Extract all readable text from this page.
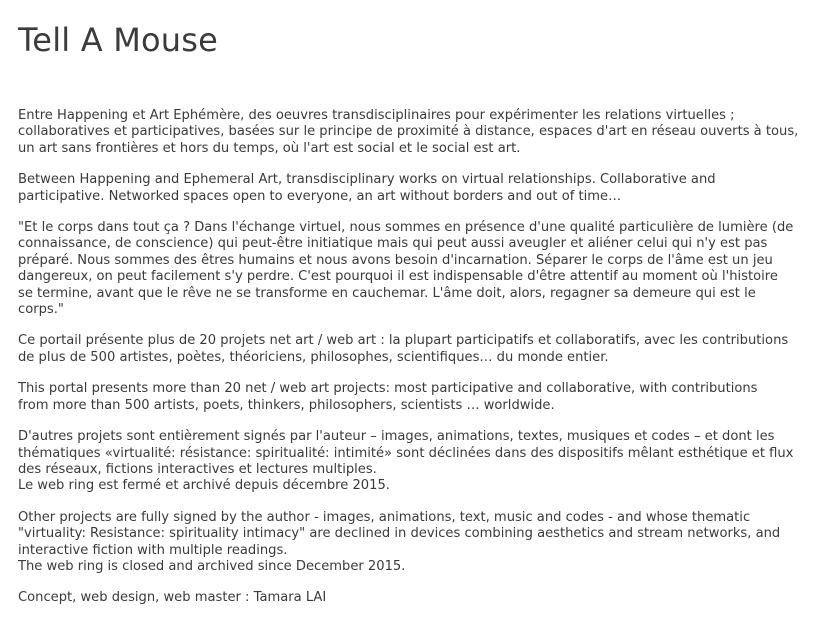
Tell A Mouse

Entre Happening et Art Ephémère, des oeuvres transdisciplinaires pour expérimenter les relations virtuelles ;
collaboratives et participatives, basées sur le principe de proximité à distance, espaces d'art en réseau ouverts à tous,
un art sans frontières et hors du temps, où l'art est social et le social est art.

Between Happening and Ephemeral Art, transdisciplinary works on virtual relationships. Collaborative and
participative. Networked spaces open to everyone, an art without borders and out of time…

"Et le corps dans tout ça ? Dans l'échange virtuel, nous sommes en présence d'une qualité particulière de lumière (de
connaissance, de conscience) qui peut-être initiatique mais qui peut aussi aveugler et aliéner celui qui n'y est pas
préparé. Nous sommes des êtres humains et nous avons besoin d'incarnation. Séparer le corps de l'âme est un jeu
dangereux, on peut facilement s'y perdre. C'est pourquoi il est indispensable d'être attentif au moment où l'histoire
se termine, avant que le rêve ne se transforme en cauchemar. L'âme doit, alors, regagner sa demeure qui est le
corps."

Ce portail présente plus de 20 projets net art / web art : la plupart participatifs et collaboratifs, avec les contributions
de plus de 500 artistes, poètes, théoriciens, philosophes, scientifiques… du monde entier.

This portal presents more than 20 net / web art projects: most participative and collaborative, with contributions
from more than 500 artists, poets, thinkers, philosophers, scientists … worldwide.

D'autres projets sont entièrement signés par l'auteur – images, animations, textes, musiques et codes – et dont les
thématiques «virtualité: résistance: spiritualité: intimité» sont déclinées dans des dispositifs mêlant esthétique et flux
des réseaux, fictions interactives et lectures multiples.
Le web ring est fermé et archivé depuis décembre 2015.

Other projects are fully signed by the author - images, animations, text, music and codes - and whose thematic
"virtuality: Resistance: spirituality intimacy" are declined in devices combining aesthetics and stream networks, and
interactive fiction with multiple readings.
The web ring is closed and archived since December 2015.

Concept, web design, web master : Tamara LAI
